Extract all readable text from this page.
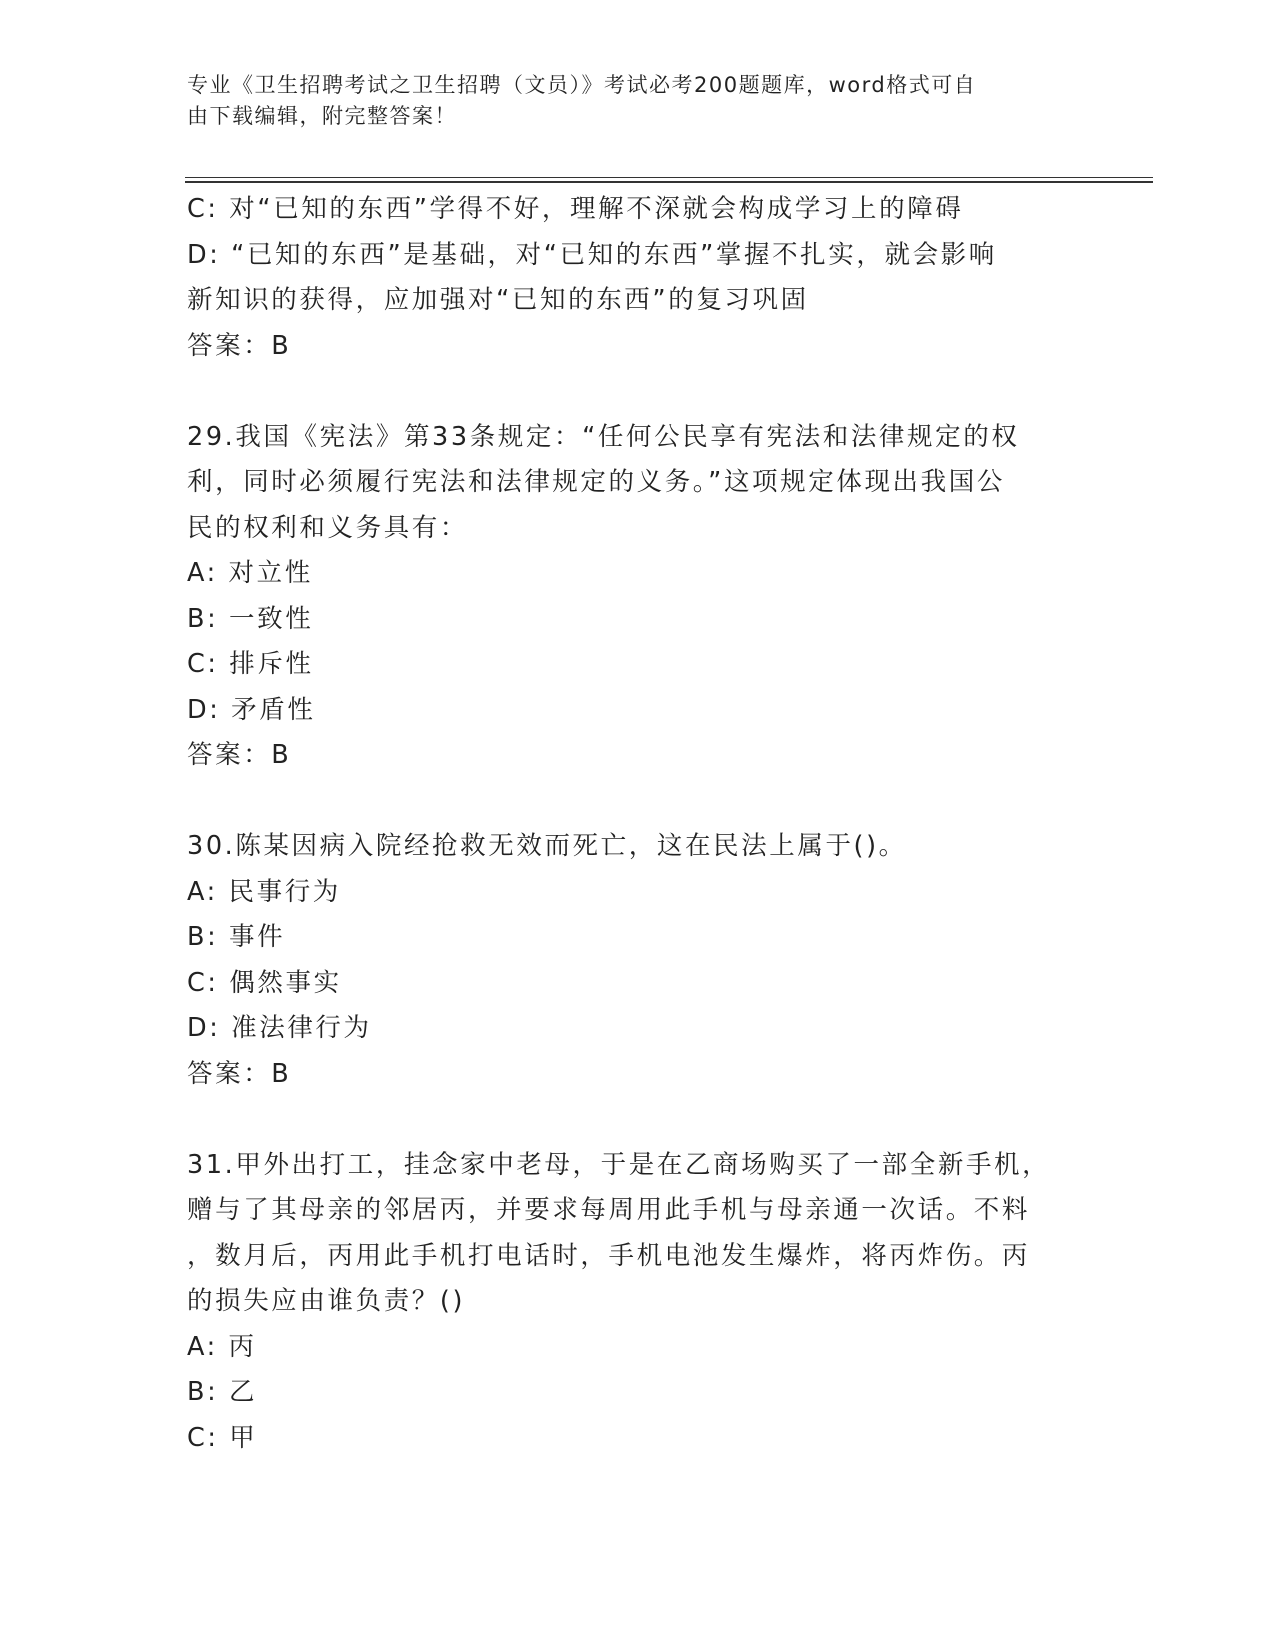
专业《卫生招聘考试之卫生招聘（文员）》考试必考200题题库，word格式可自
由下载编辑，附完整答案！
C: 对“已知的东西”学得不好，理解不深就会构成学习上的障碍
D: “已知的东西”是基础，对“已知的东西”掌握不扎实，就会影响
新知识的获得，应加强对“已知的东西”的复习巩固
答案：B
29.我国《宪法》第33条规定：“任何公民享有宪法和法律规定的权
利，同时必须履行宪法和法律规定的义务。”这项规定体现出我国公
民的权利和义务具有：
A: 对立性
B: 一致性
C: 排斥性
D: 矛盾性
答案：B
30.陈某因病入院经抢救无效而死亡，这在民法上属于()。
A: 民事行为
B: 事件
C: 偶然事实
D: 准法律行为
答案：B
31.甲外出打工，挂念家中老母，于是在乙商场购买了一部全新手机，
赠与了其母亲的邻居丙，并要求每周用此手机与母亲通一次话。不料
，数月后，丙用此手机打电话时，手机电池发生爆炸，将丙炸伤。丙
的损失应由谁负责？()
A: 丙
B: 乙
C: 甲
